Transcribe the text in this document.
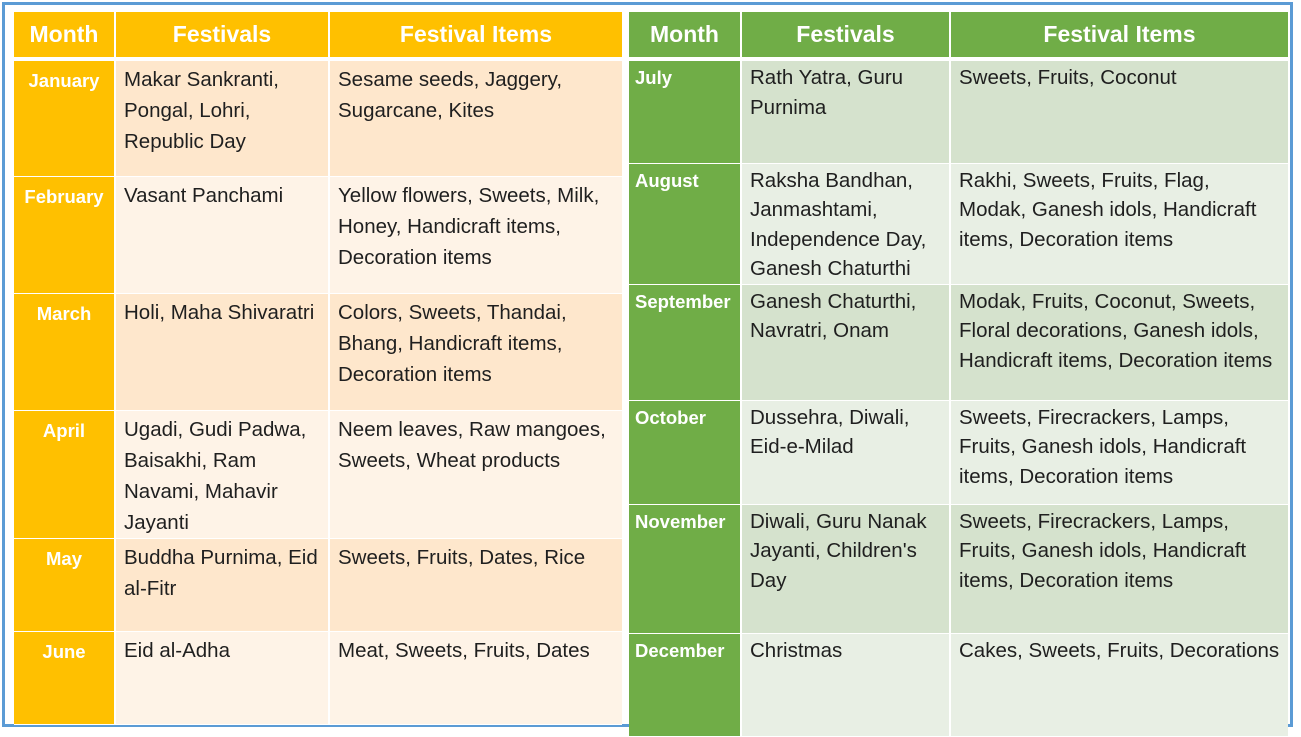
Month	Festivals	Festival Items
January	Makar Sankranti, Pongal, Lohri, Republic Day	Sesame seeds, Jaggery, Sugarcane, Kites
February	Vasant Panchami	Yellow flowers, Sweets, Milk, Honey, Handicraft items, Decoration items
March	Holi, Maha Shivaratri	Colors, Sweets, Thandai, Bhang, Handicraft items, Decoration items
April	Ugadi, Gudi Padwa, Baisakhi, Ram Navami, Mahavir Jayanti	Neem leaves, Raw mangoes, Sweets, Wheat products
May	Buddha Purnima, Eid al-Fitr	Sweets, Fruits, Dates, Rice
June	Eid al-Adha	Meat, Sweets, Fruits, Dates
Month	Festivals	Festival Items
July	Rath Yatra, Guru Purnima	Sweets, Fruits, Coconut
August	Raksha Bandhan, Janmashtami, Independence Day, Ganesh Chaturthi	Rakhi, Sweets, Fruits, Flag, Modak, Ganesh idols, Handicraft items, Decoration items
September	Ganesh Chaturthi, Navratri, Onam	Modak, Fruits, Coconut, Sweets, Floral decorations, Ganesh idols, Handicraft items, Decoration items
October	Dussehra, Diwali, Eid-e-Milad	Sweets, Firecrackers, Lamps, Fruits, Ganesh idols, Handicraft items, Decoration items
November	Diwali, Guru Nanak Jayanti, Children's Day	Sweets, Firecrackers, Lamps, Fruits, Ganesh idols, Handicraft items, Decoration items
December	Christmas	Cakes, Sweets, Fruits, Decorations
